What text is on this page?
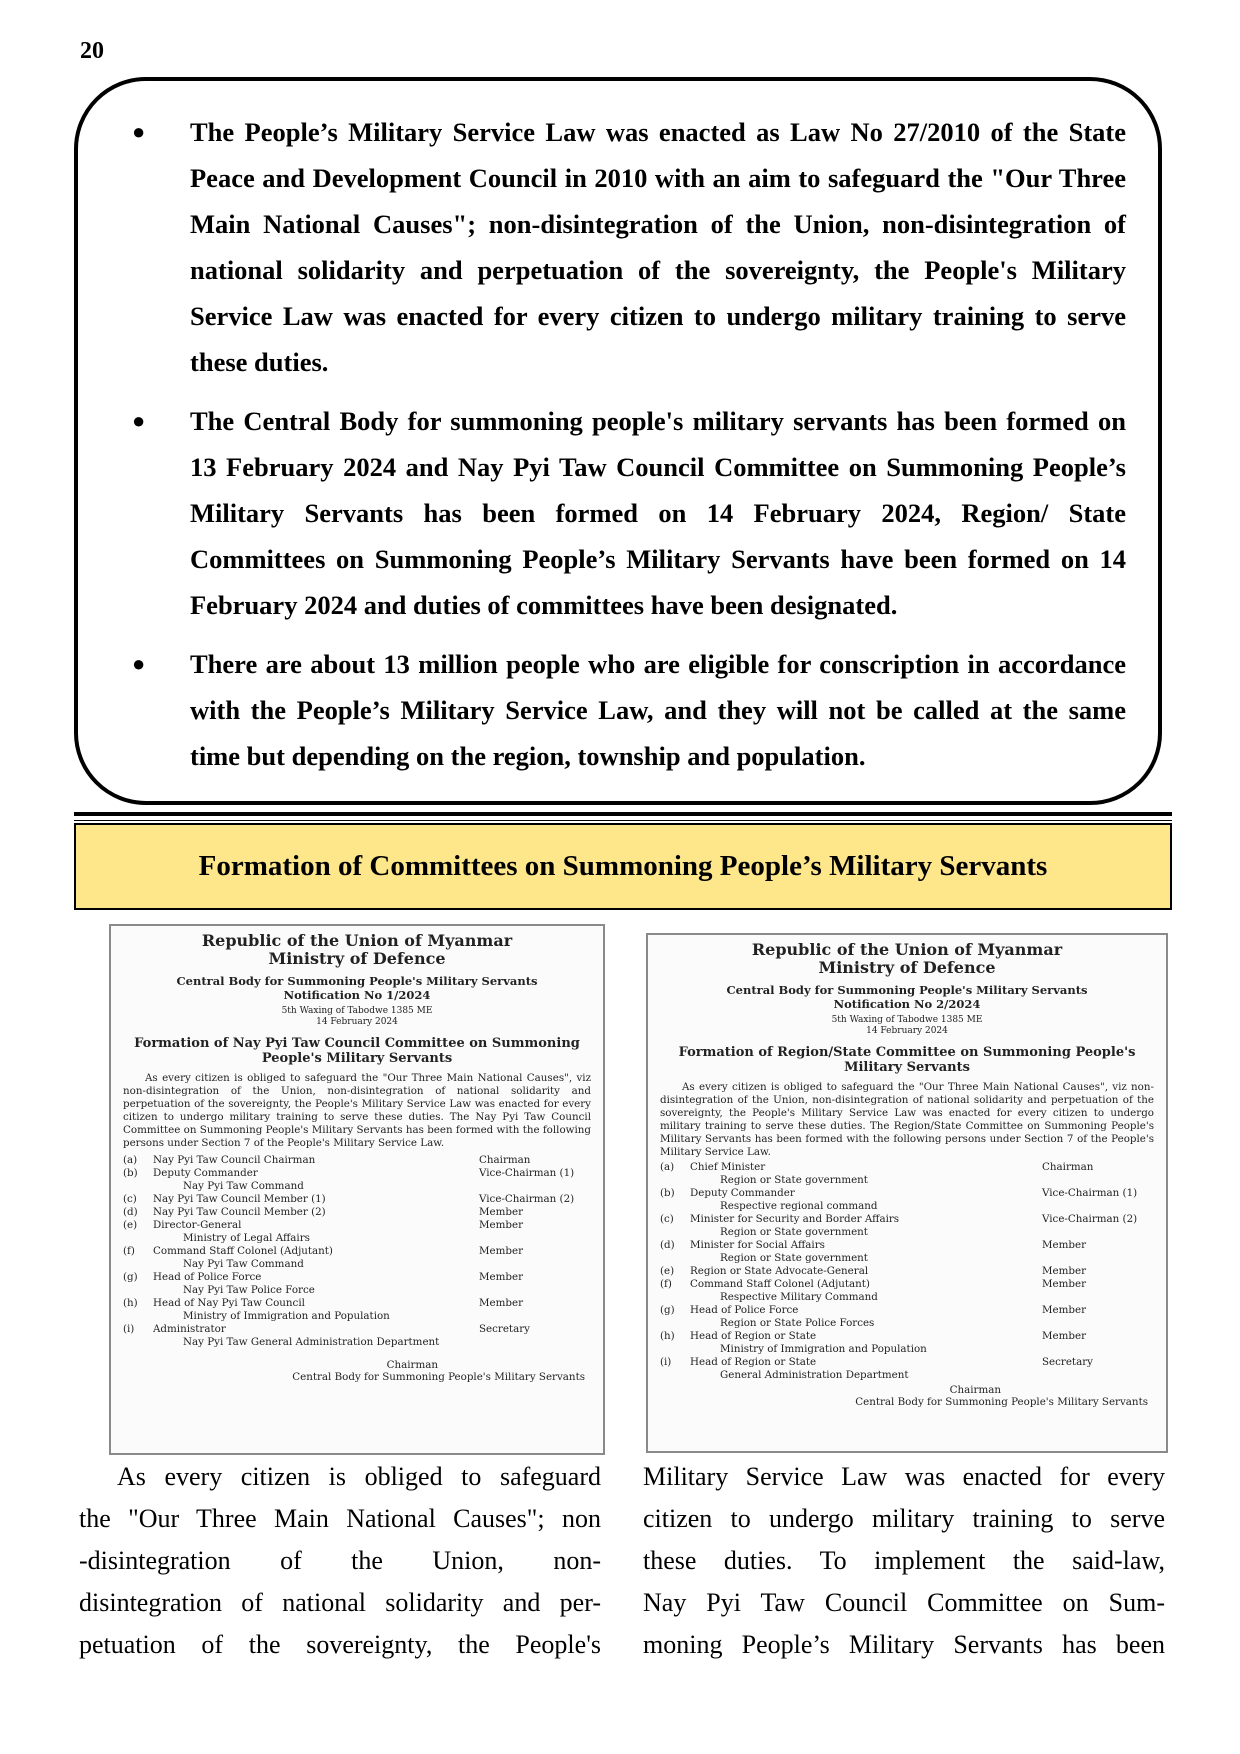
20
● The People’s Military Service Law was enacted as Law No 27/2010 of the State Peace and Development Council in 2010 with an aim to safeguard the "Our Three Main National Causes"; non-disintegration of the Union, non-disintegration of national solidarity and perpetuation of the sovereignty, the People's Military Service Law was enacted for every citizen to undergo military training to serve these duties.
● The Central Body for summoning people's military servants has been formed on 13 February 2024 and Nay Pyi Taw Council Committee on Summoning People’s Military Servants has been formed on 14 February 2024, Region/ State Committees on Summoning People’s Military Servants have been formed on 14 February 2024 and duties of committees have been designated.
● There are about 13 million people who are eligible for conscription in accordance with the People’s Military Service Law, and they will not be called at the same time but depending on the region, township and population.
Formation of Committees on Summoning People’s Military Servants
Republic of the Union of Myanmar
Ministry of Defence
Central Body for Summoning People's Military Servants
Notification No 1/2024
5th Waxing of Tabodwe 1385 ME
14 February 2024
Formation of Nay Pyi Taw Council Committee on Summoning People's Military Servants
As every citizen is obliged to safeguard the "Our Three Main National Causes", viz non-disintegration of the Union, non-disintegration of national solidarity and perpetuation of the sovereignty, the People's Military Service Law was enacted for every citizen to undergo military training to serve these duties. The Nay Pyi Taw Council Committee on Summoning People's Military Servants has been formed with the following persons under Section 7 of the People's Military Service Law.
(a)	Nay Pyi Taw Council Chairman	Chairman
(b)	Deputy Commander	Vice-Chairman (1)
Nay Pyi Taw Command
(c)	Nay Pyi Taw Council Member (1)	Vice-Chairman (2)
(d)	Nay Pyi Taw Council Member (2)	Member
(e)	Director-General	Member
Ministry of Legal Affairs
(f)	Command Staff Colonel (Adjutant)	Member
Nay Pyi Taw Command
(g)	Head of Police Force	Member
Nay Pyi Taw Police Force
(h)	Head of Nay Pyi Taw Council	Member
Ministry of Immigration and Population
(i)	Administrator	Secretary
Nay Pyi Taw General Administration Department
Chairman
Central Body for Summoning People's Military Servants
Republic of the Union of Myanmar
Ministry of Defence
Central Body for Summoning People's Military Servants
Notification No 2/2024
5th Waxing of Tabodwe 1385 ME
14 February 2024
Formation of Region/State Committee on Summoning People's Military Servants
As every citizen is obliged to safeguard the "Our Three Main National Causes", viz non-disintegration of the Union, non-disintegration of national solidarity and perpetuation of the sovereignty, the People's Military Service Law was enacted for every citizen to undergo military training to serve these duties. The Region/State Committee on Summoning People's Military Servants has been formed with the following persons under Section 7 of the People's Military Service Law.
(a)	Chief Minister	Chairman
Region or State government
(b)	Deputy Commander	Vice-Chairman (1)
Respective regional command
(c)	Minister for Security and Border Affairs	Vice-Chairman (2)
Region or State government
(d)	Minister for Social Affairs	Member
Region or State government
(e)	Region or State Advocate-General	Member
(f)	Command Staff Colonel (Adjutant)	Member
Respective Military Command
(g)	Head of Police Force	Member
Region or State Police Forces
(h)	Head of Region or State	Member
Ministry of Immigration and Population
(i)	Head of Region or State	Secretary
General Administration Department
Chairman
Central Body for Summoning People's Military Servants
As every citizen is obliged to safeguard
the "Our Three Main National Causes"; non
-disintegration of the Union, non-
disintegration of national solidarity and per-
petuation of the sovereignty, the People's
Military Service Law was enacted for every
citizen to undergo military training to serve
these duties. To implement the said-law,
Nay Pyi Taw Council Committee on Sum-
moning People’s Military Servants has been
